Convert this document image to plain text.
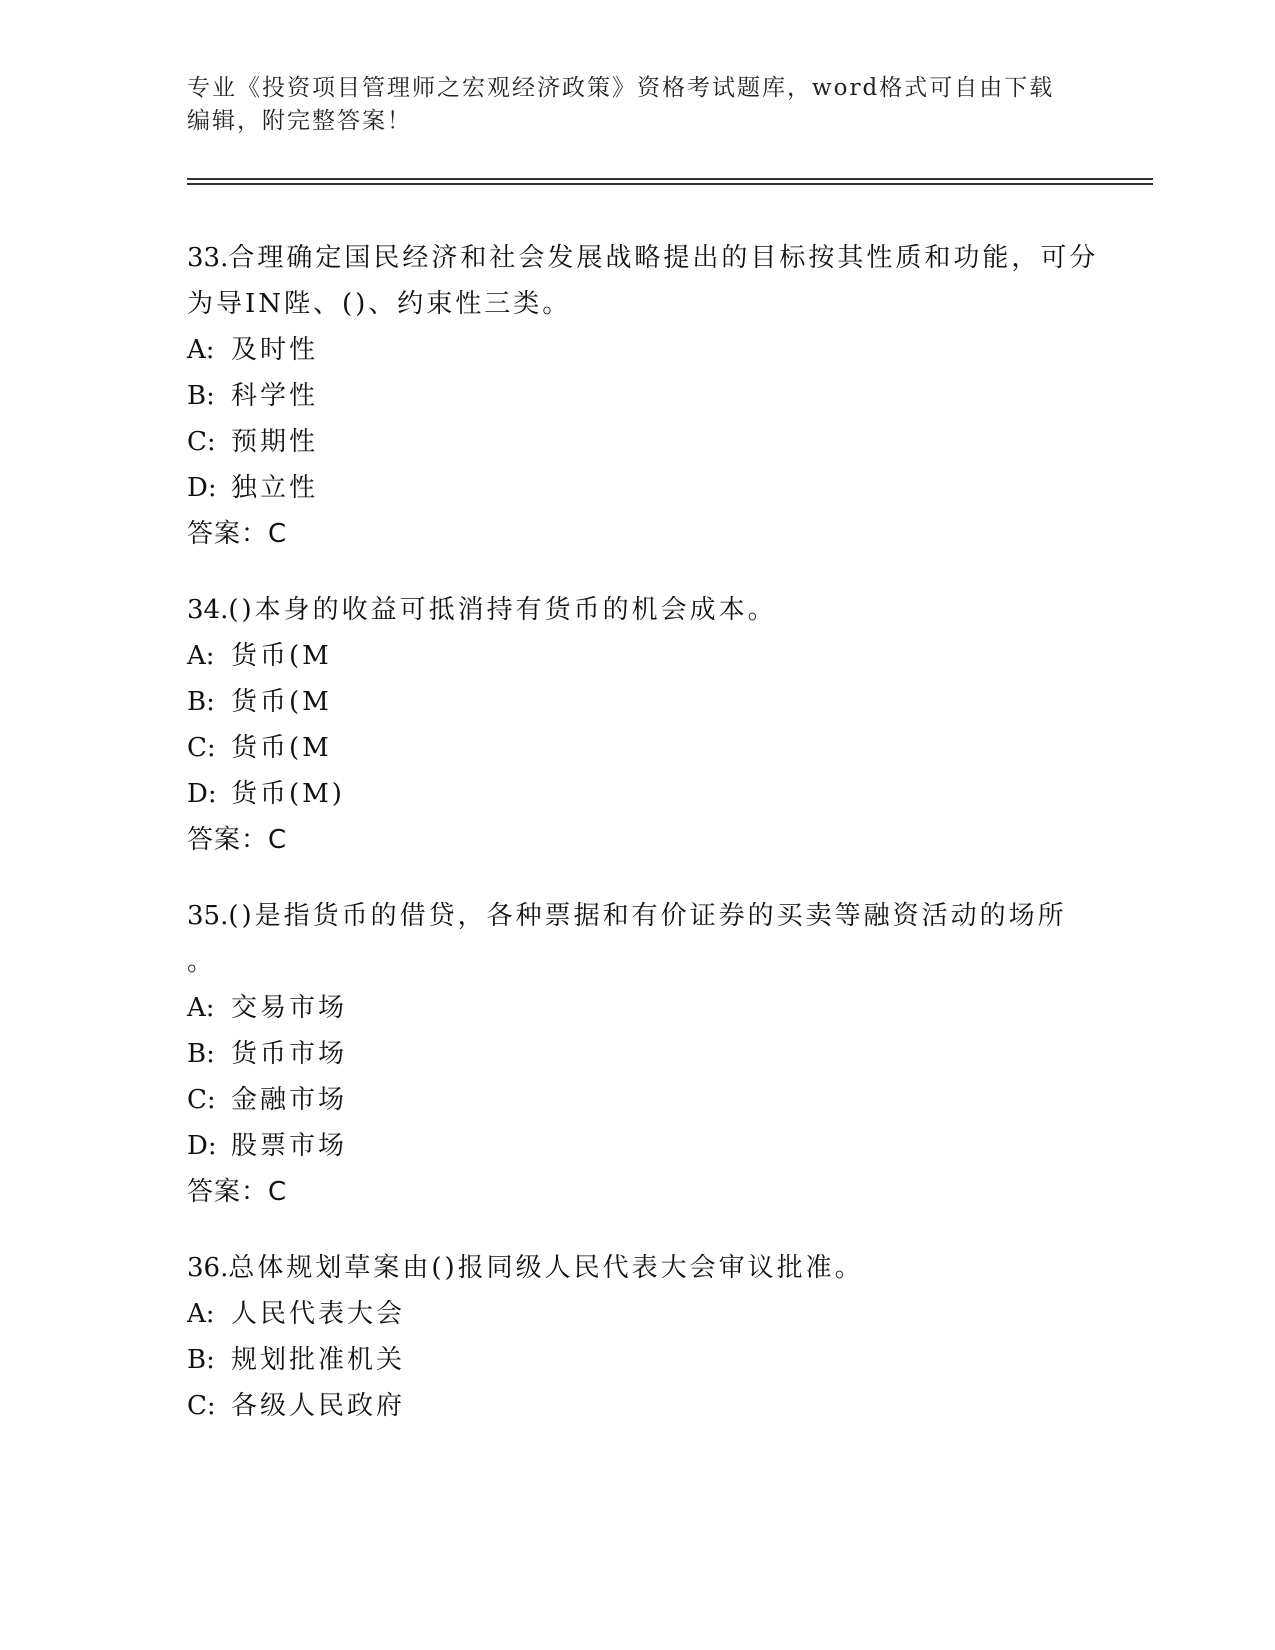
专业《投资项目管理师之宏观经济政策》资格考试题库，word格式可自由下载编辑，附完整答案！

33.合理确定国民经济和社会发展战略提出的目标按其性质和功能，可分为导IN陛、()、约束性三类。

A: 及时性
B: 科学性
C: 预期性
D: 独立性

答案： C

34.()本身的收益可抵消持有货币的机会成本。

A: 货币(M
B: 货币(M
C: 货币(M
D: 货币(M)

答案： C

35.()是指货币的借贷，各种票据和有价证券的买卖等融资活动的场所

。

A: 交易市场
B: 货币市场
C: 金融市场
D: 股票市场

答案： C

36.总体规划草案由()报同级人民代表大会审议批准。

A: 人民代表大会
B: 规划批准机关
C: 各级人民政府
